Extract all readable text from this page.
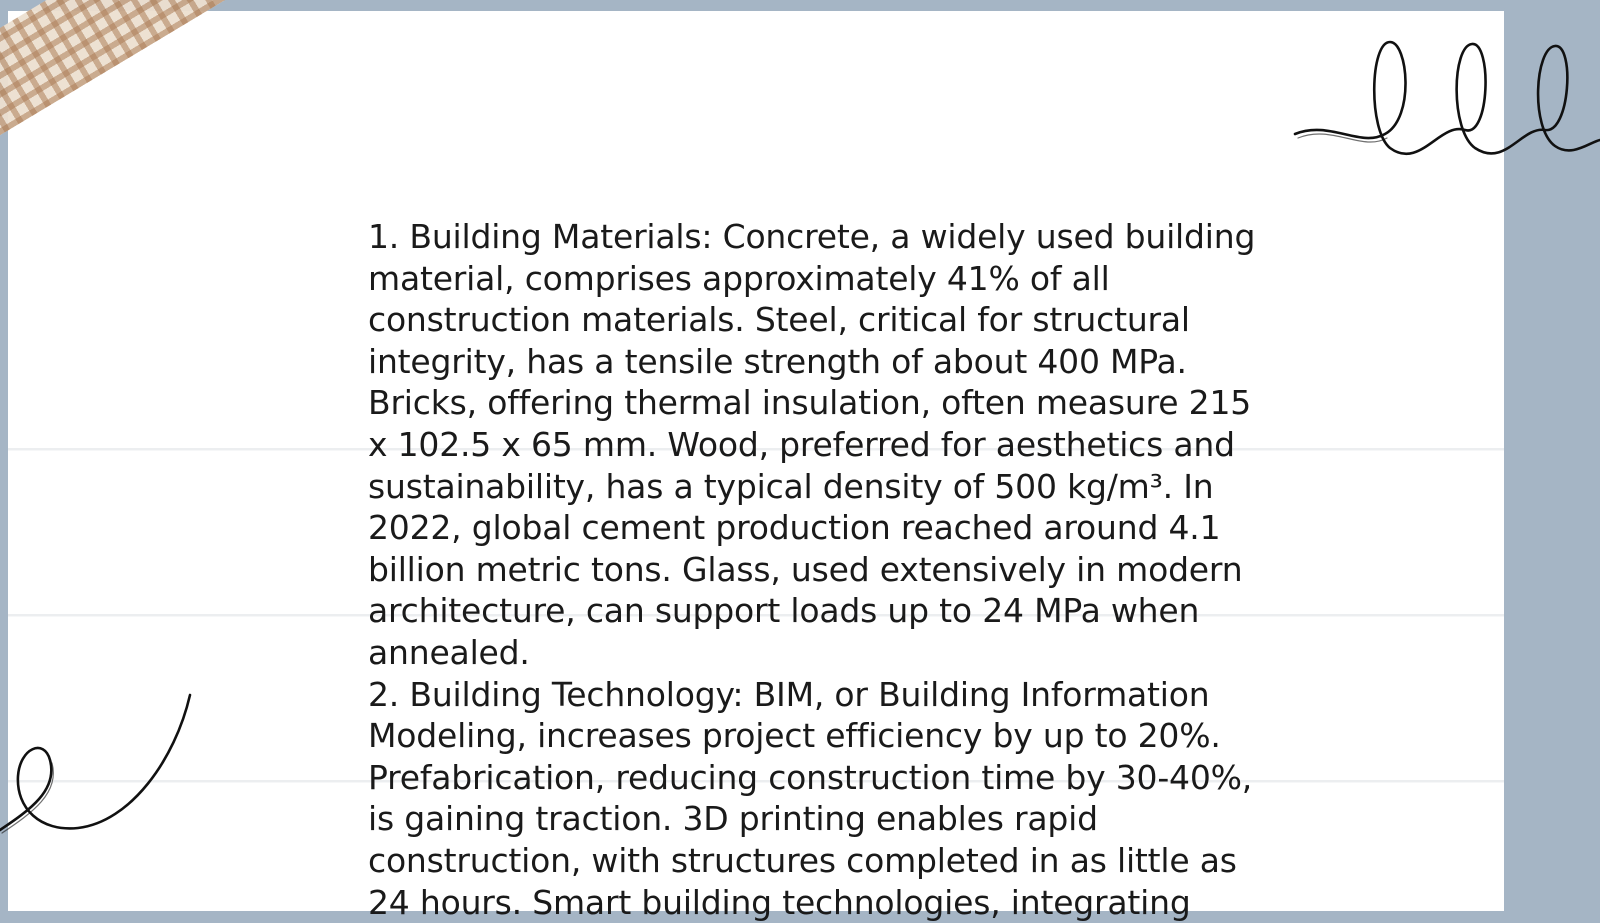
1. Building Materials: Concrete, a widely used building material, comprises approximately 41% of all construction materials. Steel, critical for structural integrity, has a tensile strength of about 400 MPa. Bricks, offering thermal insulation, often measure 215 x 102.5 x 65 mm. Wood, preferred for aesthetics and sustainability, has a typical density of 500 kg/m³. In 2022, global cement production reached around 4.1 billion metric tons. Glass, used extensively in modern architecture, can support loads up to 24 MPa when annealed.

2. Building Technology: BIM, or Building Information Modeling, increases project efficiency by up to 20%. Prefabrication, reducing construction time by 30-40%, is gaining traction. 3D printing enables rapid construction, with structures completed in as little as 24 hours. Smart building technologies, integrating
